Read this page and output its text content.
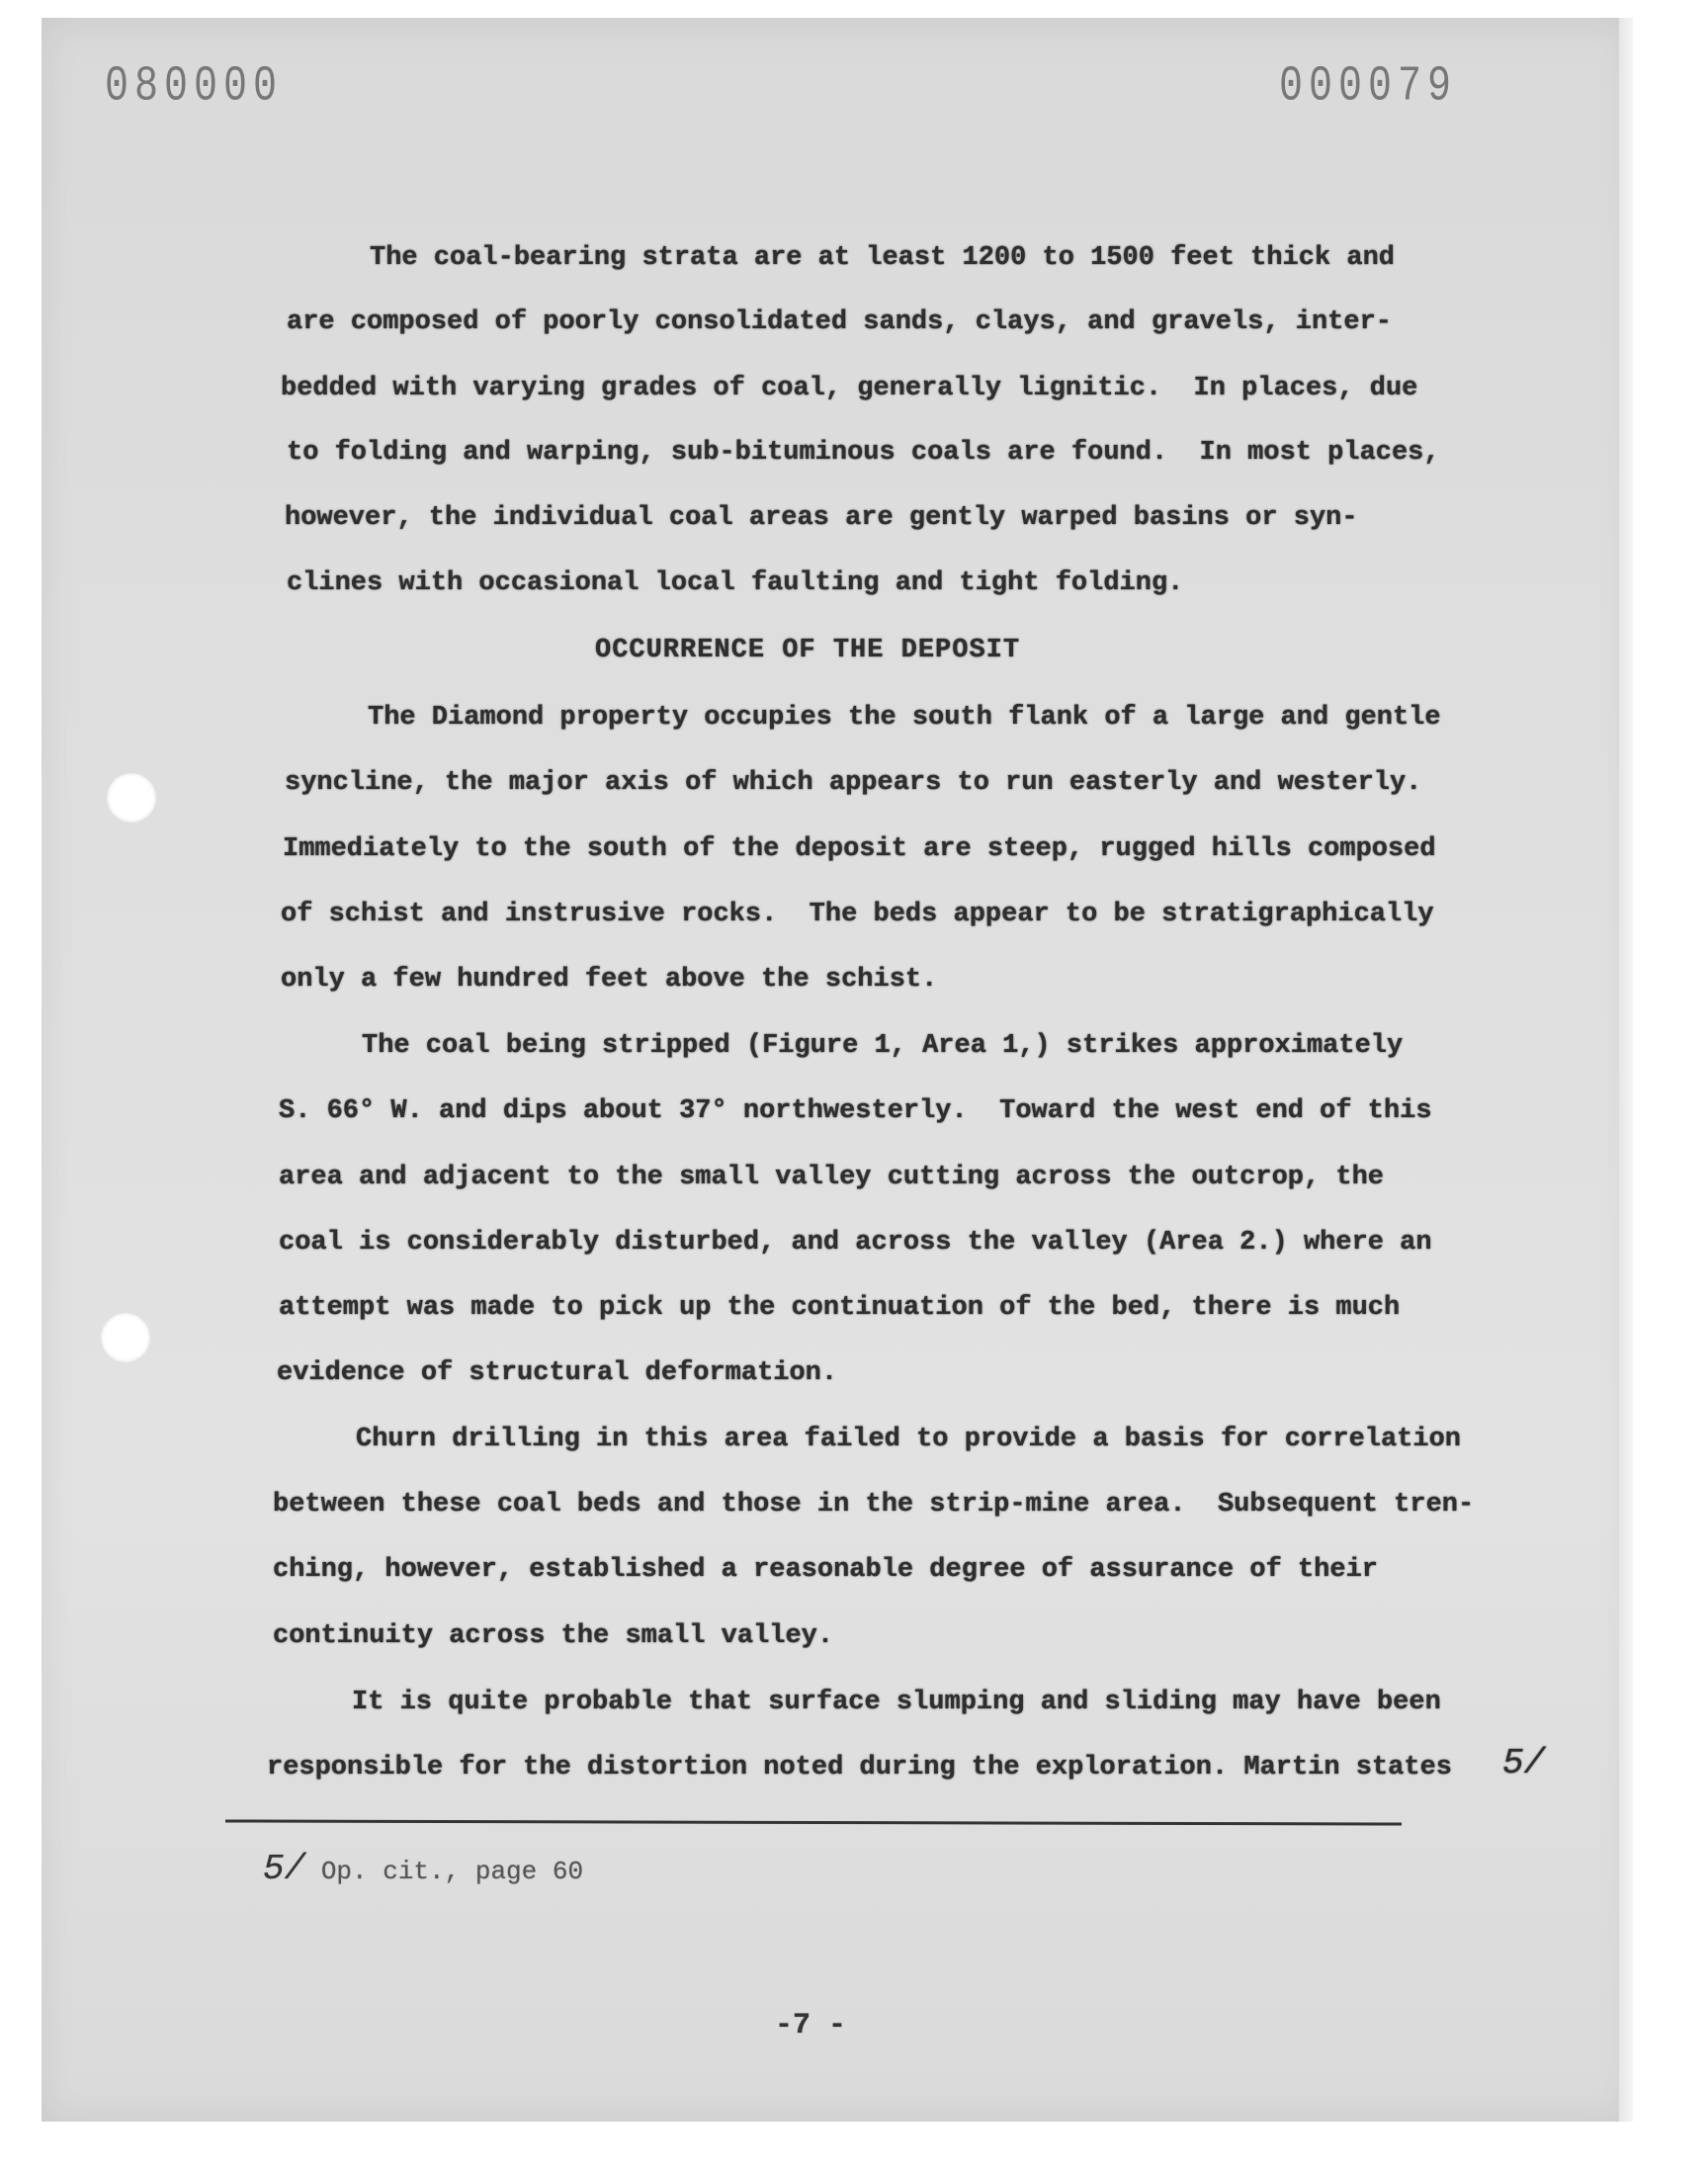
080000	000079
The coal-bearing strata are at least 1200 to 1500 feet thick and
are composed of poorly consolidated sands, clays, and gravels, inter-
bedded with varying grades of coal, generally lignitic.  In places, due
to folding and warping, sub-bituminous coals are found.  In most places,
however, the individual coal areas are gently warped basins or syn-
clines with occasional local faulting and tight folding.
OCCURRENCE OF THE DEPOSIT
The Diamond property occupies the south flank of a large and gentle
syncline, the major axis of which appears to run easterly and westerly.
Immediately to the south of the deposit are steep, rugged hills composed
of schist and instrusive rocks.  The beds appear to be stratigraphically
only a few hundred feet above the schist.
The coal being stripped (Figure 1, Area 1,) strikes approximately
S. 66° W. and dips about 37° northwesterly.  Toward the west end of this
area and adjacent to the small valley cutting across the outcrop, the
coal is considerably disturbed, and across the valley (Area 2.) where an
attempt was made to pick up the continuation of the bed, there is much
evidence of structural deformation.
Churn drilling in this area failed to provide a basis for correlation
between these coal beds and those in the strip-mine area.  Subsequent tren-
ching, however, established a reasonable degree of assurance of their
continuity across the small valley.
It is quite probable that surface slumping and sliding may have been
responsible for the distortion noted during the exploration. Martin states 5/
5/ Op. cit., page 60
-7 -
